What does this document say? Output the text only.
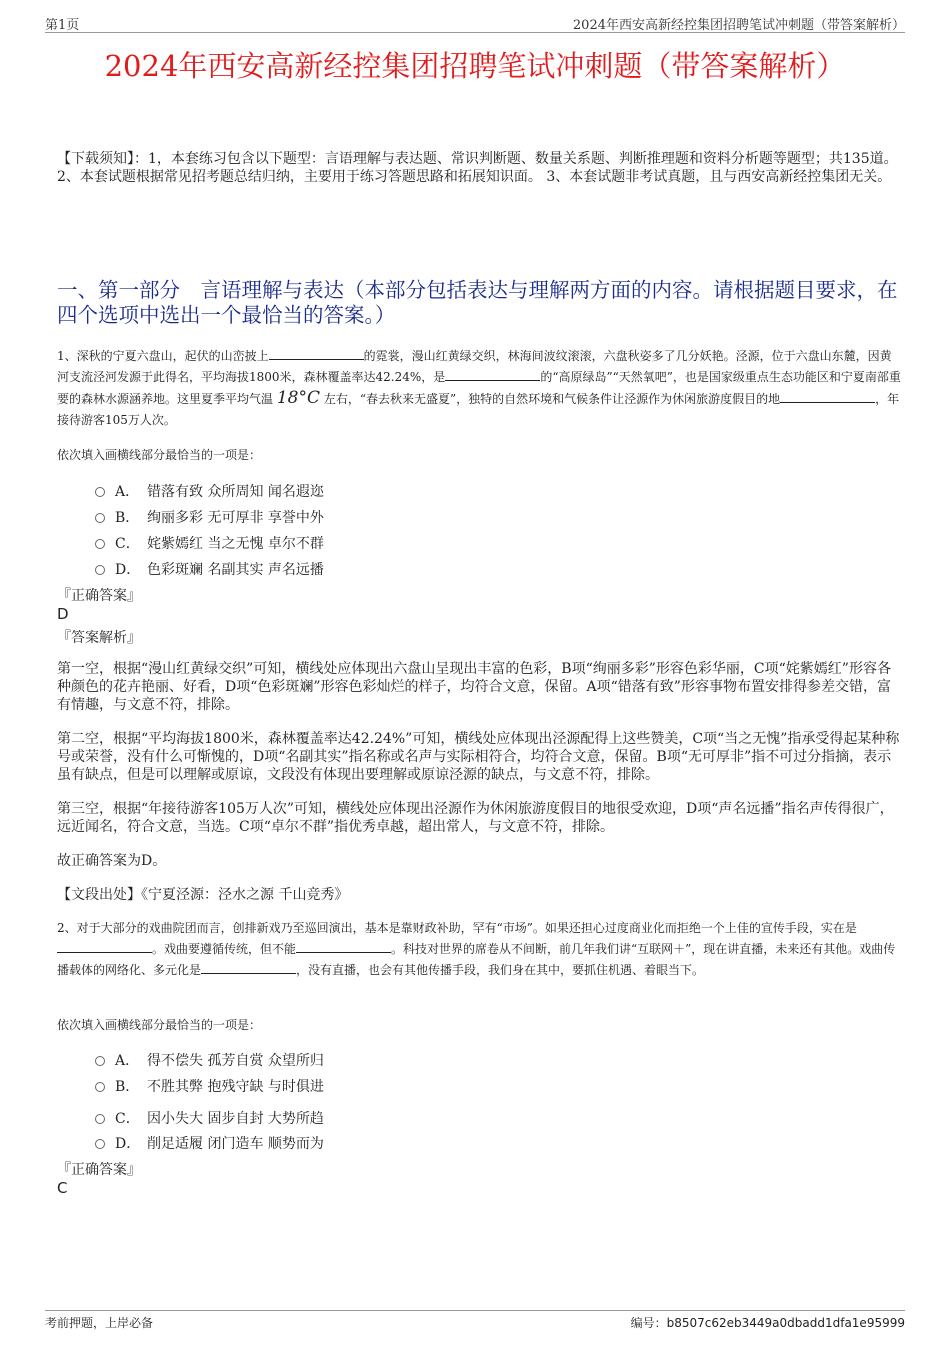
第1页	2024年西安高新经控集团招聘笔试冲刺题（带答案解析）
2024年西安高新经控集团招聘笔试冲刺题（带答案解析）
【下载须知】：1，本套练习包含以下题型：言语理解与表达题、常识判断题、数量关系题、判断推理题和资料分析题等题型；共135道。 2、本套试题根据常见招考题总结归纳，主要用于练习答题思路和拓展知识面。 3、本套试题非考试真题，且与西安高新经控集团无关。
一、第一部分　言语理解与表达（本部分包括表达与理解两方面的内容。请根据题目要求，在四个选项中选出一个最恰当的答案。）
1、深秋的宁夏六盘山，起伏的山峦披上	的霓裳，漫山红黄绿交织，林海间波纹滚滚，六盘秋姿多了几分妖艳。泾源，位于六盘山东麓，因黄河支流泾河发源于此得名，平均海拔1800米，森林覆盖率达42.24%，是	的“高原绿岛”“天然氧吧”，也是国家级重点生态功能区和宁夏南部重要的森林水源涵养地。这里夏季平均气温 18°C 左右，“春去秋来无盛夏”，独特的自然环境和气候条件让泾源作为休闲旅游度假目的地	，年接待游客105万人次。
依次填入画横线部分最恰当的一项是：
A． 错落有致 众所周知 闻名遐迩
B． 绚丽多彩 无可厚非 享誉中外
C． 姹紫嫣红 当之无愧 卓尔不群
D． 色彩斑斓 名副其实 声名远播
『正确答案』
D
『答案解析』
第一空，根据“漫山红黄绿交织”可知，横线处应体现出六盘山呈现出丰富的色彩，B项“绚丽多彩”形容色彩华丽，C项“姹紫嫣红”形容各种颜色的花卉艳丽、好看，D项“色彩斑斓”形容色彩灿烂的样子，均符合文意，保留。A项“错落有致”形容事物布置安排得参差交错，富有情趣，与文意不符，排除。
第二空，根据“平均海拔1800米，森林覆盖率达42.24%”可知，横线处应体现出泾源配得上这些赞美，C项“当之无愧”指承受得起某种称号或荣誉，没有什么可惭愧的，D项“名副其实”指名称或名声与实际相符合，均符合文意，保留。B项“无可厚非”指不可过分指摘，表示虽有缺点，但是可以理解或原谅，文段没有体现出要理解或原谅泾源的缺点，与文意不符，排除。
第三空，根据“年接待游客105万人次”可知，横线处应体现出泾源作为休闲旅游度假目的地很受欢迎，D项“声名远播”指名声传得很广，远近闻名，符合文意，当选。C项“卓尔不群”指优秀卓越，超出常人，与文意不符，排除。
故正确答案为D。
【文段出处】《宁夏泾源：泾水之源 千山竞秀》
2、对于大部分的戏曲院团而言，创排新戏乃至巡回演出，基本是靠财政补助，罕有“市场”。如果还担心过度商业化而拒绝一个上佳的宣传手段，实在是。戏曲要遵循传统，但不能	。科技对世界的席卷从不间断，前几年我们讲“互联网＋”，现在讲直播，未来还有其他。戏曲传播载体的网络化、多元化是	，没有直播，也会有其他传播手段，我们身在其中，要抓住机遇、着眼当下。
依次填入画横线部分最恰当的一项是：
A． 得不偿失 孤芳自赏 众望所归
B． 不胜其弊 抱残守缺 与时俱进
C． 因小失大 固步自封 大势所趋
D． 削足适履 闭门造车 顺势而为
『正确答案』
C
考前押题，上岸必备	编号：b8507c62eb3449a0dbadd1dfa1e95999
